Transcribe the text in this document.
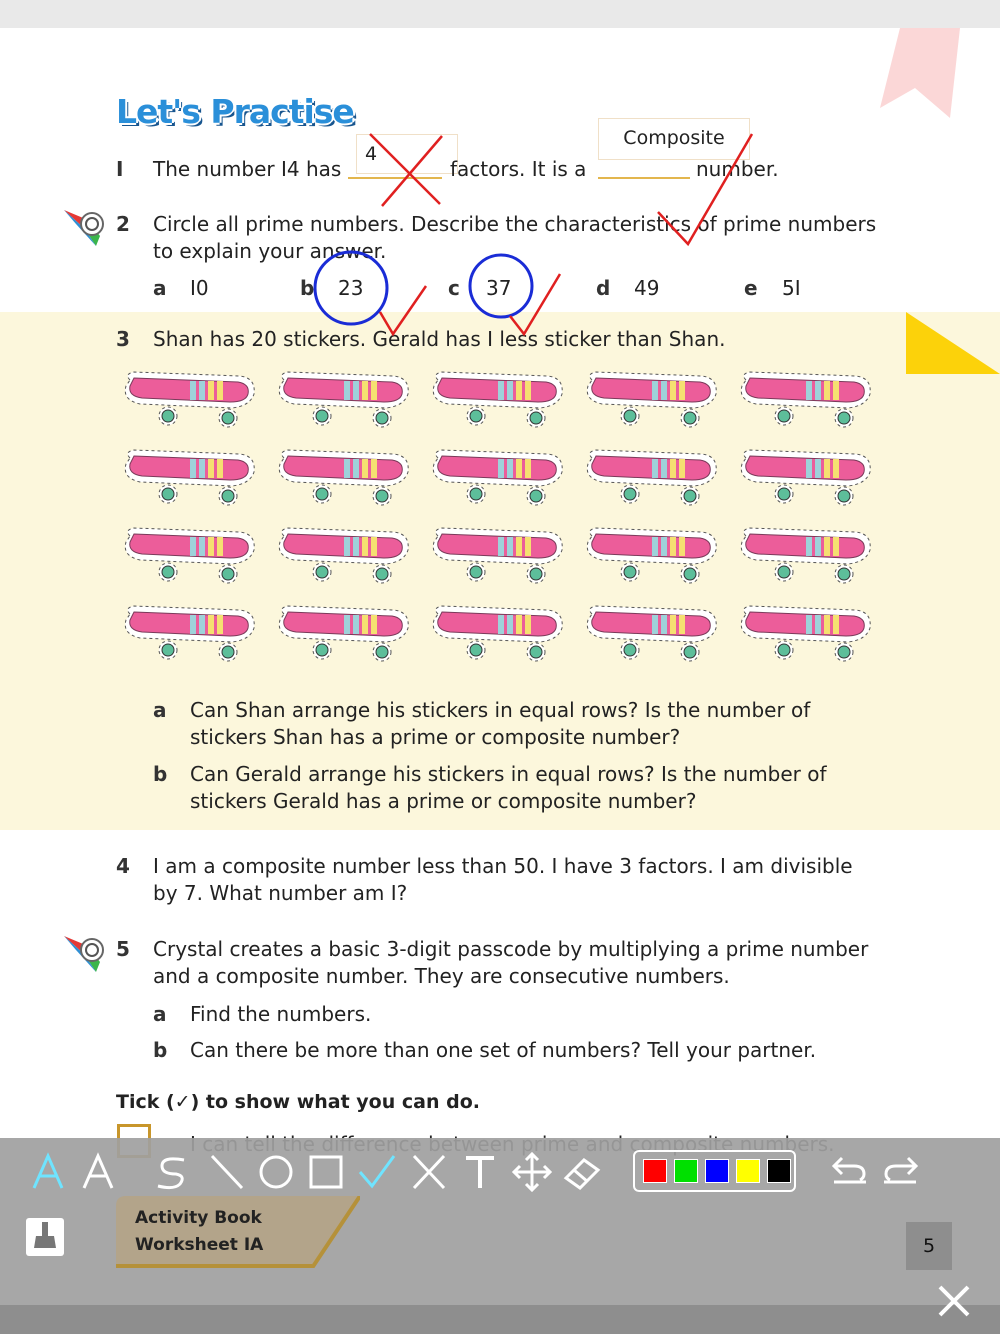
Let's Practise
I The number I4 has
4
factors. It is a
Composite
number.
2 Circle all prime numbers. Describe the characteristics of prime numbers
to explain your answer.
a I0	b 23	c 37	d 49	e 5I
3 Shan has 20 stickers. Gerald has I less sticker than Shan.
a Can Shan arrange his stickers in equal rows? Is the number of
stickers Shan has a prime or composite number?
b Can Gerald arrange his stickers in equal rows? Is the number of
stickers Gerald has a prime or composite number?
4 I am a composite number less than 50. I have 3 factors. I am divisible
by 7. What number am I?
5 Crystal creates a basic 3-digit passcode by multiplying a prime number
and a composite number. They are consecutive numbers.
a Find the numbers.
b Can there be more than one set of numbers? Tell your partner.
Tick (✓) to show what you can do.
Activity Book
Worksheet IA	5
